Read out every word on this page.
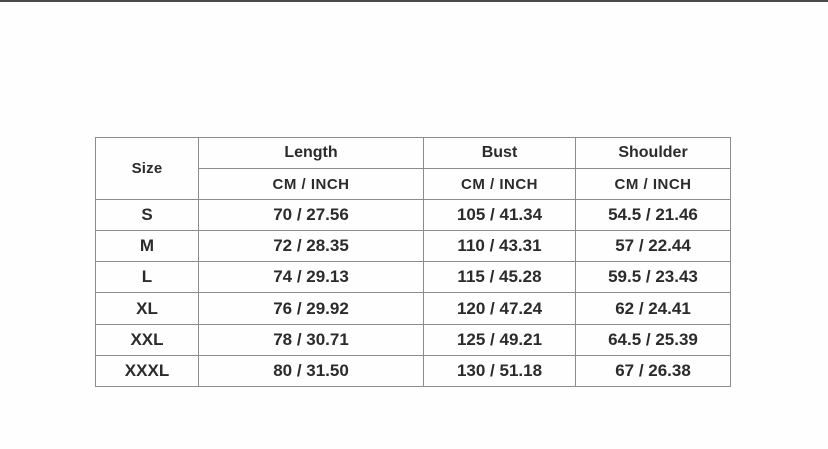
Size	Length	Bust	Shoulder
	CM / INCH	CM / INCH	CM / INCH
S	70 / 27.56	105 / 41.34	54.5 / 21.46
M	72 / 28.35	110 / 43.31	57 / 22.44
L	74 / 29.13	115 / 45.28	59.5 / 23.43
XL	76 / 29.92	120 / 47.24	62 / 24.41
XXL	78 / 30.71	125 / 49.21	64.5 / 25.39
XXXL	80 / 31.50	130 / 51.18	67 / 26.38
